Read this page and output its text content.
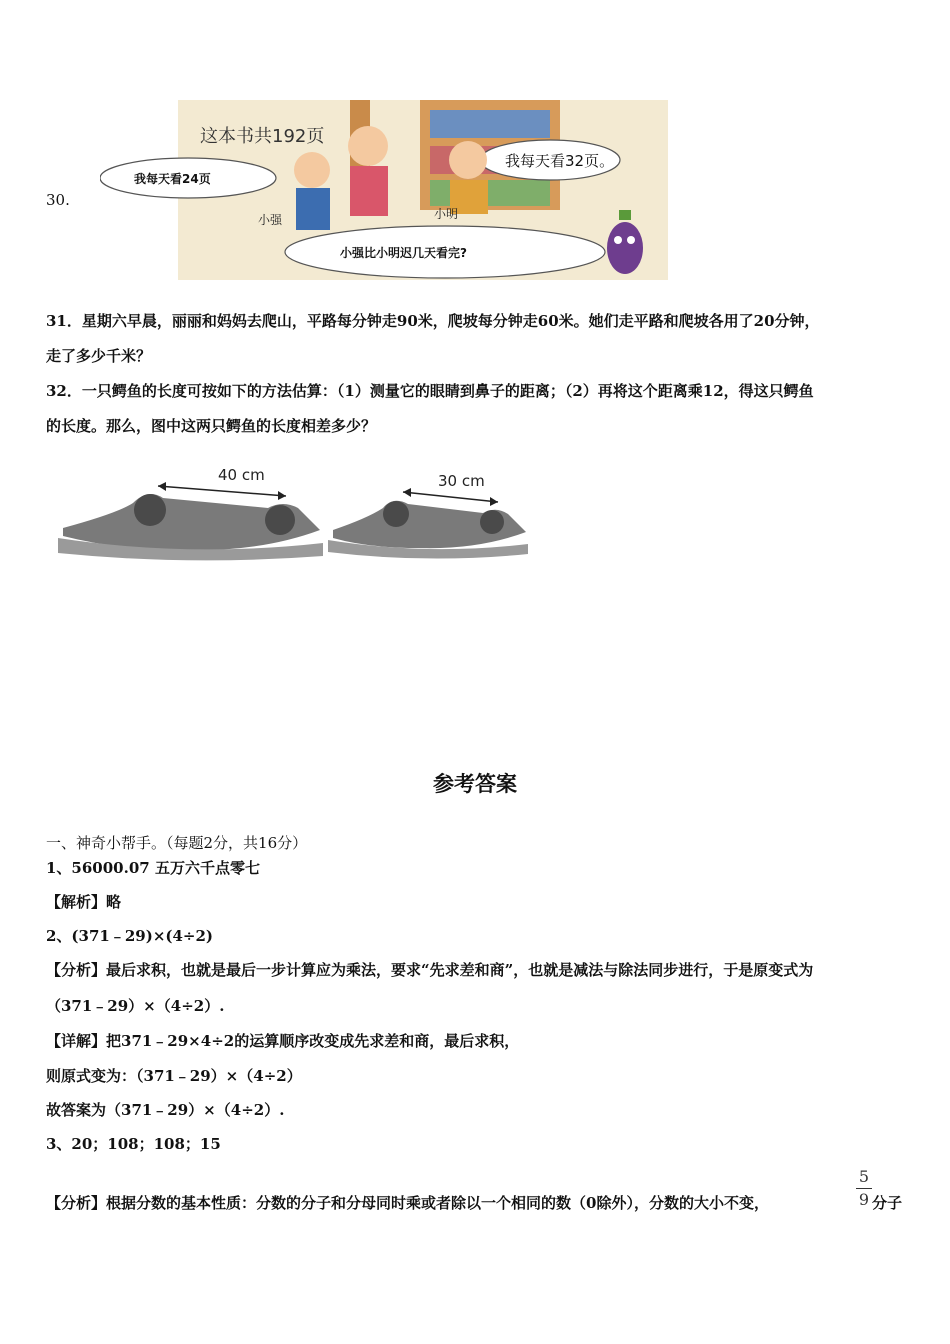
30.
这本书共192页
我每天看24页
我每天看32页。
小强	小明
小强比小明迟几天看完?
31．星期六早晨，丽丽和妈妈去爬山，平路每分钟走90米，爬坡每分钟走60米。她们走平路和爬坡各用了20分钟，
走了多少千米？
32．一只鳄鱼的长度可按如下的方法估算：（1）测量它的眼睛到鼻子的距离；（2）再将这个距离乘12，得这只鳄鱼
的长度。那么，图中这两只鳄鱼的长度相差多少？
40 cm	30 cm
参考答案
一、神奇小帮手。（每题2分，共16分）
1、56000.07 五万六千点零七
【解析】略
2、(371﹣29)×(4÷2)
【分析】最后求积，也就是最后一步计算应为乘法，要求“先求差和商”，也就是减法与除法同步进行，于是原变式为
（371﹣29）×（4÷2）.
【详解】把371﹣29×4÷2的运算顺序改变成先求差和商，最后求积，
则原式变为：（371﹣29）×（4÷2）
故答案为（371﹣29）×（4÷2）.
3、20；108；108；15
【分析】根据分数的基本性质：分数的分子和分母同时乘或者除以一个相同的数（0除外），分数的大小不变，
5
9 分子
